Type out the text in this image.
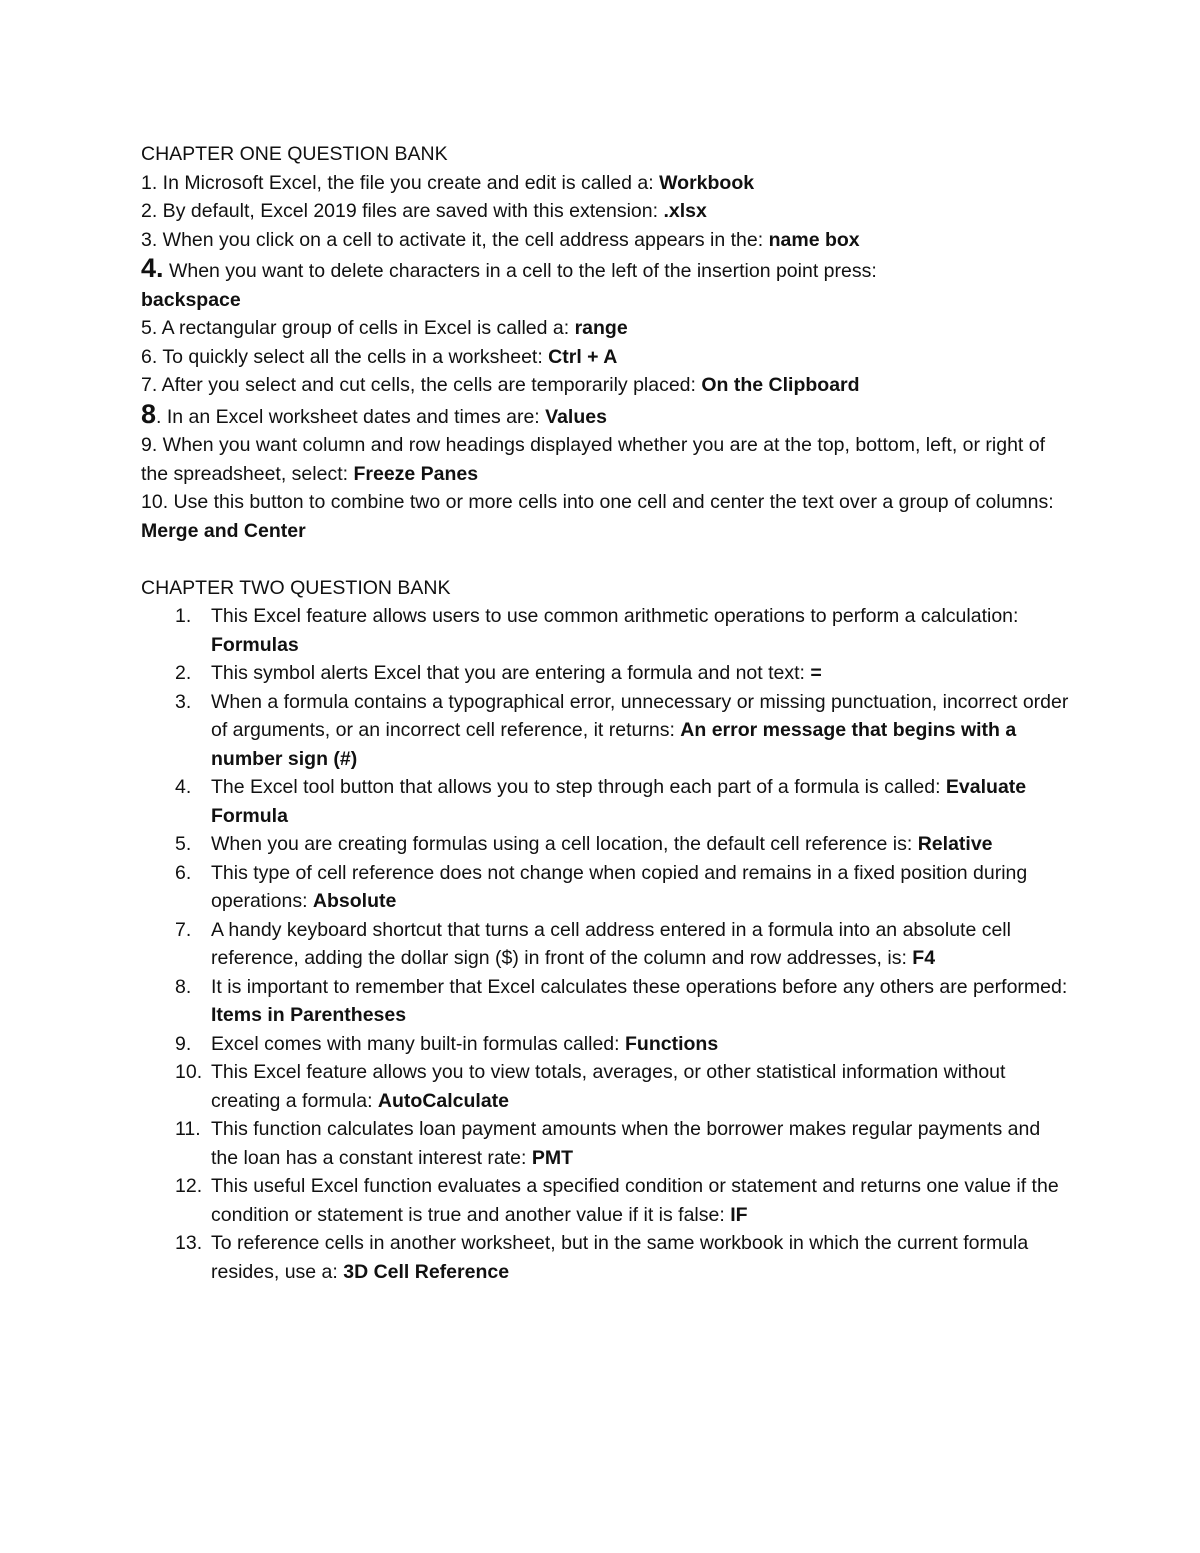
CHAPTER ONE QUESTION BANK

1. In Microsoft Excel, the file you create and edit is called a: Workbook

2. By default, Excel 2019 files are saved with this extension: .xlsx

3. When you click on a cell to activate it, the cell address appears in the: name box

4. When you want to delete characters in a cell to the left of the insertion point press:
backspace

5. A rectangular group of cells in Excel is called a: range

6. To quickly select all the cells in a worksheet: Ctrl + A

7. After you select and cut cells, the cells are temporarily placed: On the Clipboard

8. In an Excel worksheet dates and times are: Values

9. When you want column and row headings displayed whether you are at the top, bottom, left, or right of the spreadsheet, select: Freeze Panes

10. Use this button to combine two or more cells into one cell and center the text over a group of columns: Merge and Center

CHAPTER TWO QUESTION BANK

1. This Excel feature allows users to use common arithmetic operations to perform a calculation: Formulas
2. This symbol alerts Excel that you are entering a formula and not text: =
3. When a formula contains a typographical error, unnecessary or missing punctuation, incorrect order of arguments, or an incorrect cell reference, it returns: An error message that begins with a number sign (#)
4. The Excel tool button that allows you to step through each part of a formula is called: Evaluate Formula
5. When you are creating formulas using a cell location, the default cell reference is: Relative
6. This type of cell reference does not change when copied and remains in a fixed position during operations: Absolute
7. A handy keyboard shortcut that turns a cell address entered in a formula into an absolute cell reference, adding the dollar sign ($) in front of the column and row addresses, is: F4
8. It is important to remember that Excel calculates these operations before any others are performed: Items in Parentheses
9. Excel comes with many built-in formulas called: Functions
10. This Excel feature allows you to view totals, averages, or other statistical information without creating a formula: AutoCalculate
11. This function calculates loan payment amounts when the borrower makes regular payments and the loan has a constant interest rate: PMT
12. This useful Excel function evaluates a specified condition or statement and returns one value if the condition or statement is true and another value if it is false: IF
13. To reference cells in another worksheet, but in the same workbook in which the current formula resides, use a: 3D Cell Reference
